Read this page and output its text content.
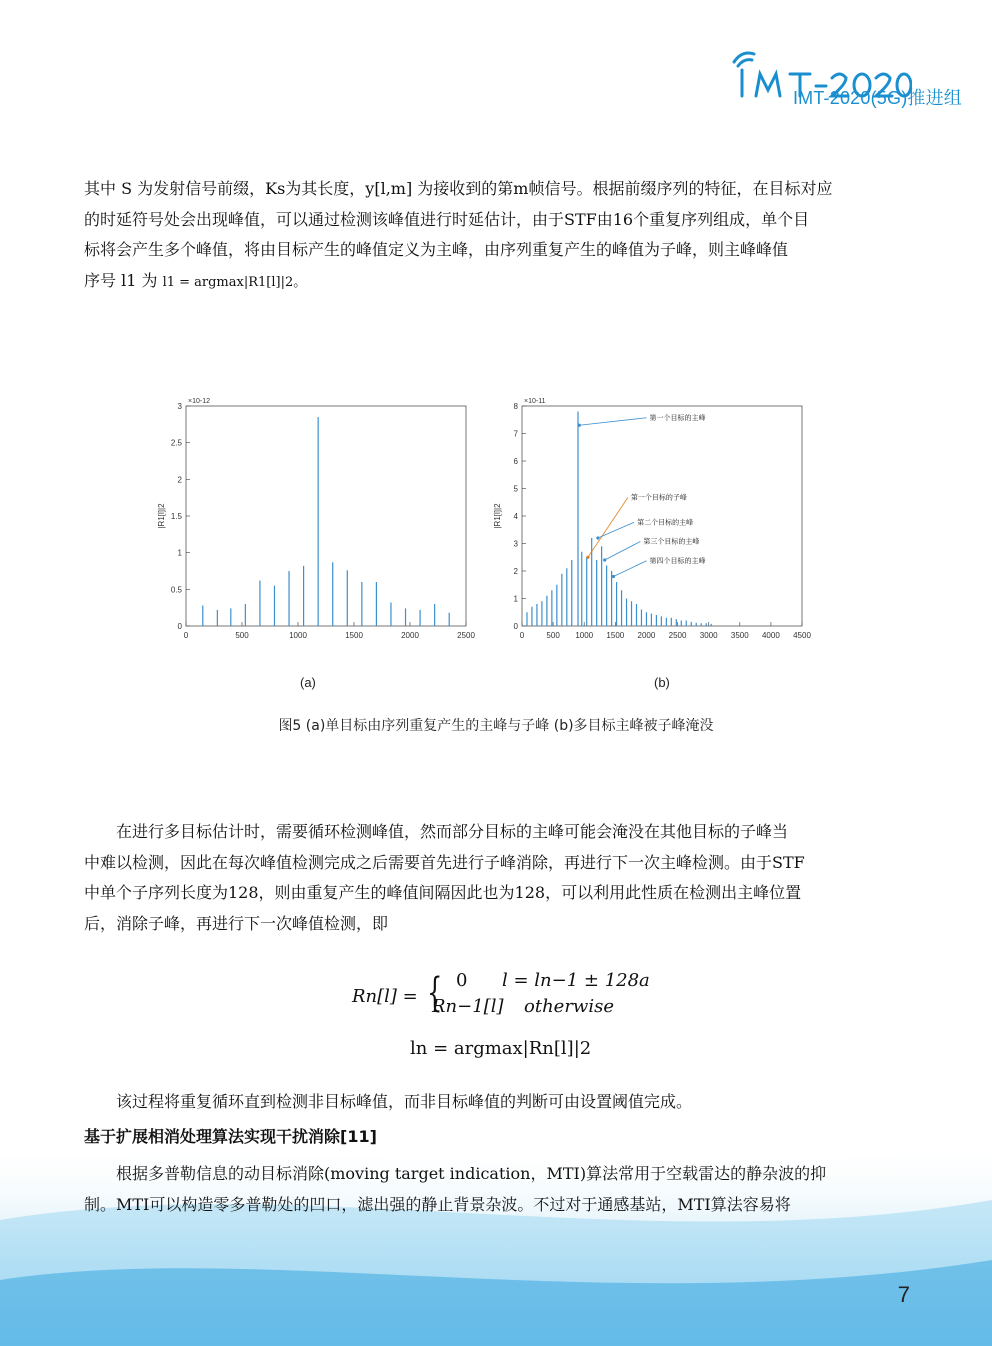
IMT-2020(5G)推进组
其中 S 为发射信号前缀，Ks为其长度，y[l,m] 为接收到的第m帧信号。根据前缀序列的特征，在目标对应
的时延符号处会出现峰值，可以通过检测该峰值进行时延估计，由于STF由16个重复序列组成，单个目
标将会产生多个峰值，将由目标产生的峰值定义为主峰，由序列重复产生的峰值为子峰，则主峰峰值
序号 l1 为 l1 = argmax|R1[l]|2。
0
0.5
1
1.5
2
2.5
3
0	500	1000	1500	2000	2500
×10-12
|R1[l]|2
0
1
2
3
4
5
6
7
8
0	500 1000 1500 2000 2500 3000 3500 4000 4500
×10-11
|R1[l]|2
第一个目标的主峰
第一个目标的子峰
第二个目标的主峰
第三个目标的主峰
第四个目标的主峰
(a)	(b)
图5 (a)单目标由序列重复产生的主峰与子峰 (b)多目标主峰被子峰淹没
在进行多目标估计时，需要循环检测峰值，然而部分目标的主峰可能会淹没在其他目标的子峰当
中难以检测，因此在每次峰值检测完成之后需要首先进行子峰消除，再进行下一次主峰检测。由于STF
中单个子序列长度为128，则由重复产生的峰值间隔因此也为128，可以利用此性质在检测出主峰位置
后，消除子峰，再进行下一次峰值检测，即
Rn[l] = { 0 l = ln−1 ± 128a
Rn−1[l] otherwise
ln = argmax|Rn[l]|2
该过程将重复循环直到检测非目标峰值，而非目标峰值的判断可由设置阈值完成。
基于扩展相消处理算法实现干扰消除[11]
根据多普勒信息的动目标消除(moving target indication，MTI)算法常用于空载雷达的静杂波的抑
制。MTI可以构造零多普勒处的凹口，滤出强的静止背景杂波。不过对于通感基站，MTI算法容易将
7
